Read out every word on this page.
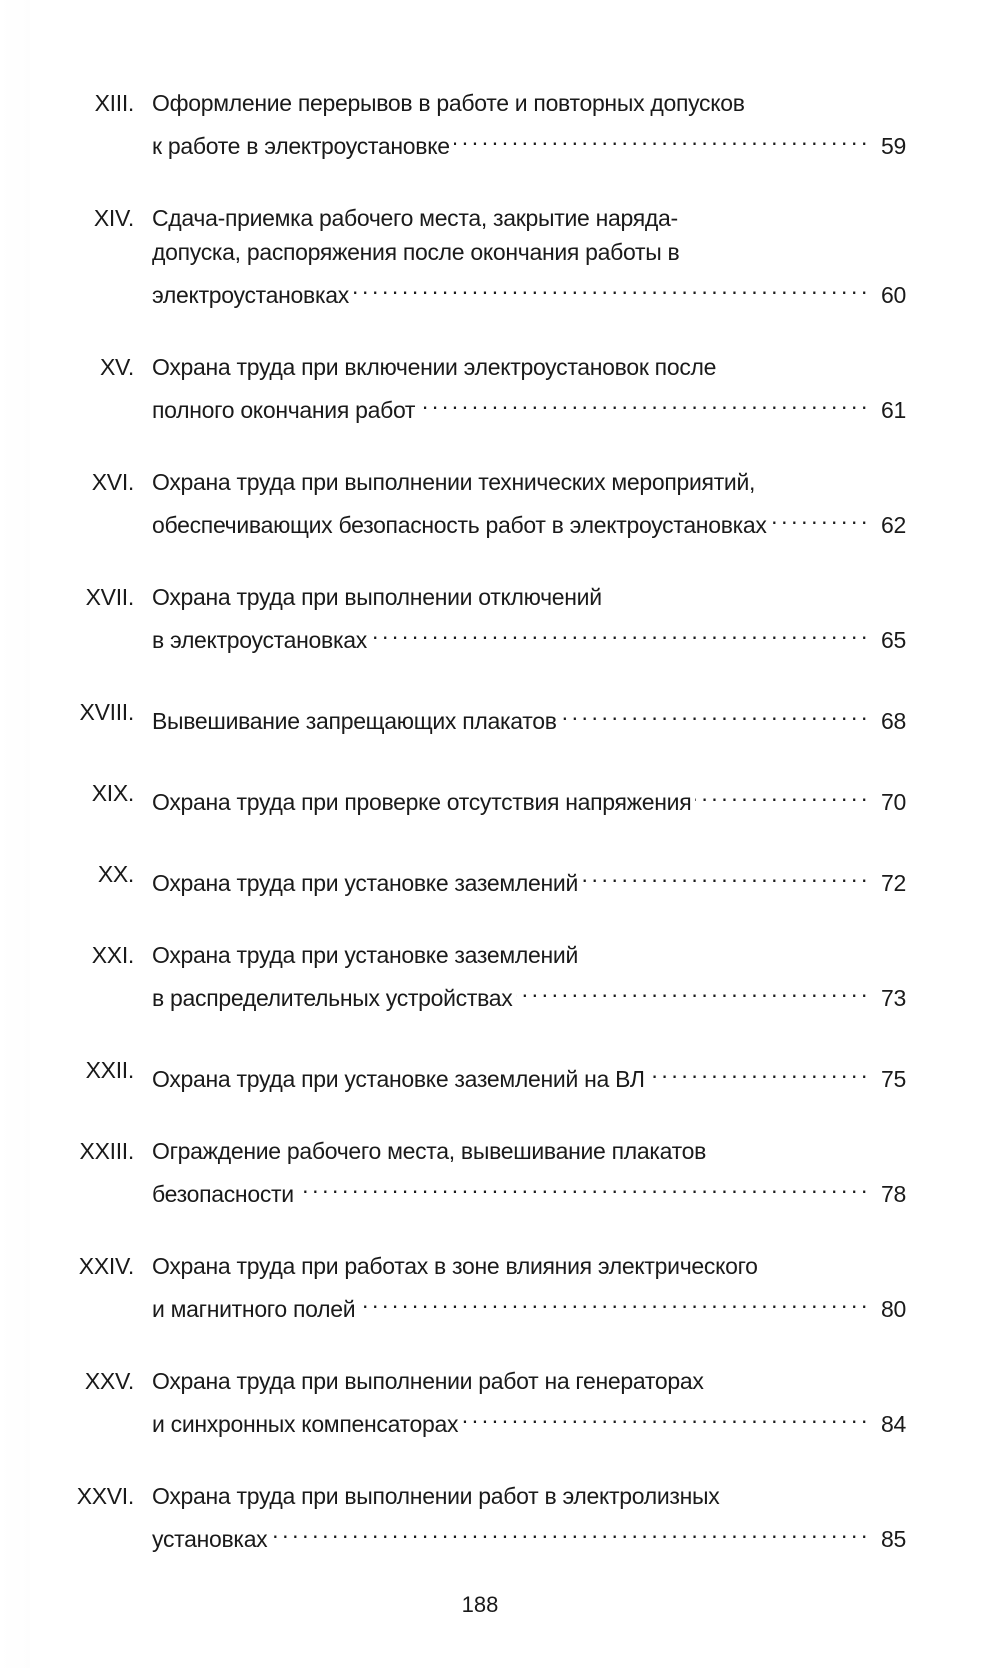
XIII. Оформление перерывов в работе и повторных допусков
к работе в электроустановке . . .	59
XIV. Сдача-приемка рабочего места, закрытие наряда-
допуска, распоряжения после окончания работы в
электроустановках . . .	60
XV. Охрана труда при включении электроустановок после
полного окончания работ . . .	61
XVI. Охрана труда при выполнении технических мероприятий,
обеспечивающих безопасность работ в электроустановках . . .	62
XVII. Охрана труда при выполнении отключений
в электроустановках . . .	65
XVIII. Вывешивание запрещающих плакатов . . .	68
XIX. Охрана труда при проверке отсутствия напряжения . . .	70
XX. Охрана труда при установке заземлений . . .	72
XXI. Охрана труда при установке заземлений
в распределительных устройствах . . .	73
XXII. Охрана труда при установке заземлений на ВЛ . . .	75
XXIII. Ограждение рабочего места, вывешивание плакатов
безопасности . . .	78
XXIV. Охрана труда при работах в зоне влияния электрического
и магнитного полей . . .	80
XXV. Охрана труда при выполнении работ на генераторах
и синхронных компенсаторах . . .	84
XXVI. Охрана труда при выполнении работ в электролизных
установках . . .	85
188
